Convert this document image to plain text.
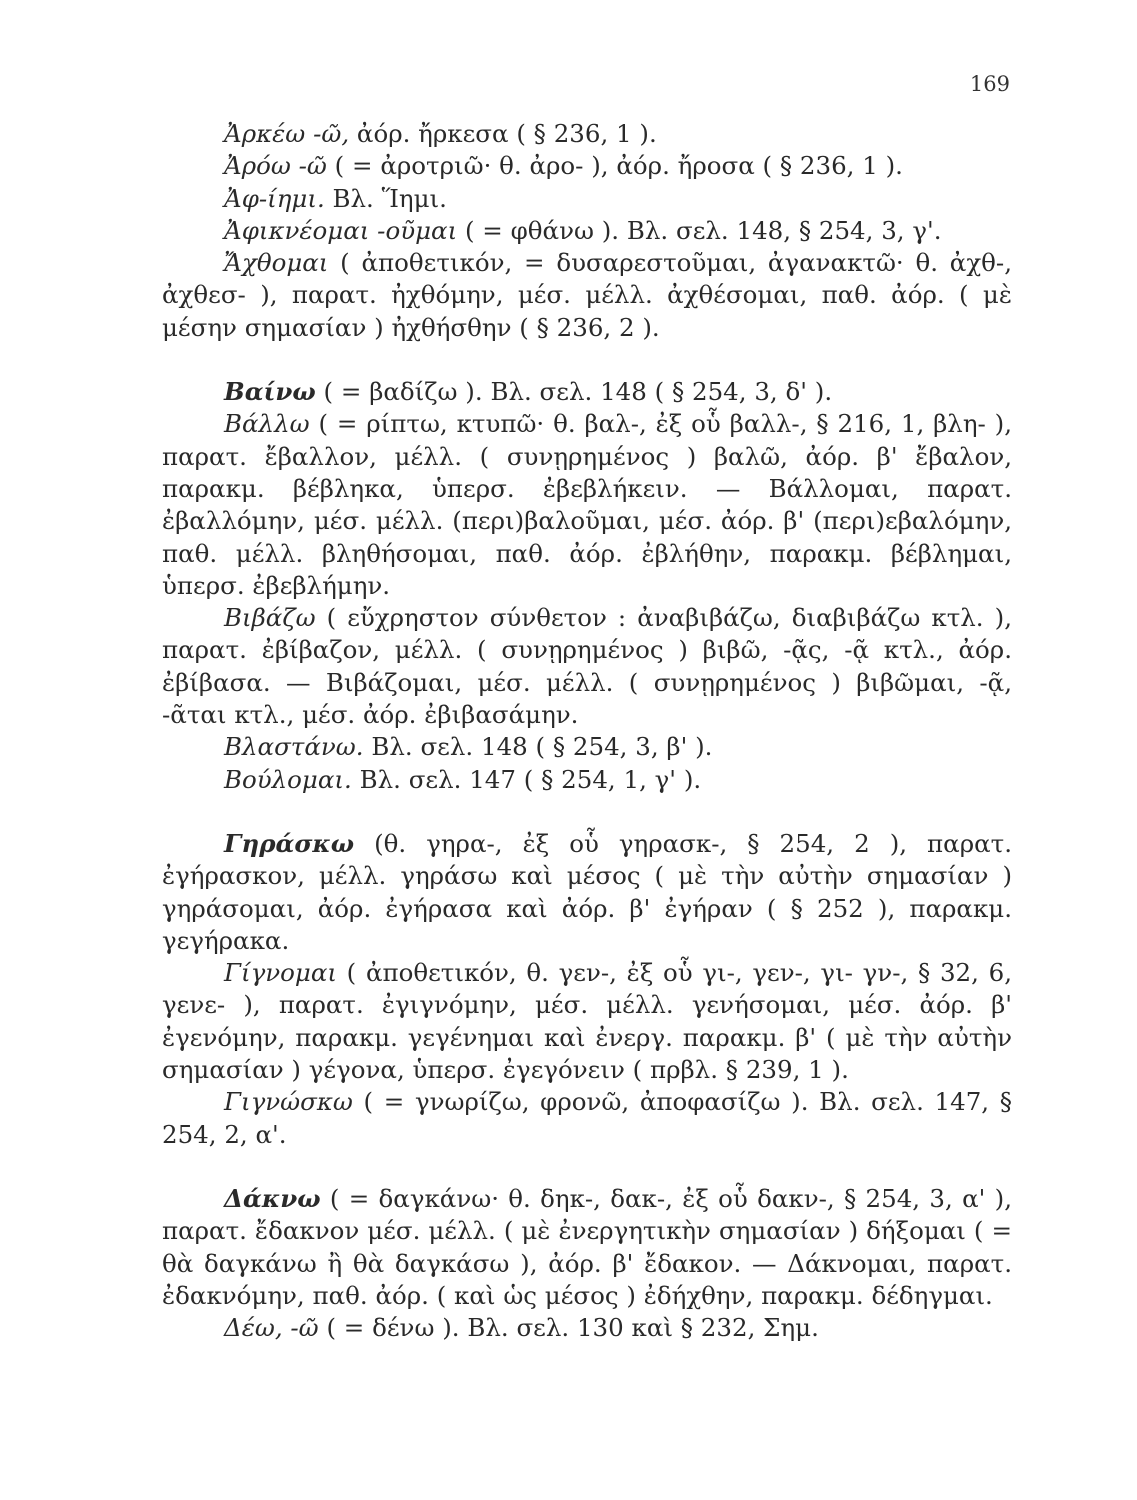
169

Ἀρκέω -ῶ, ἀόρ. ἤρκεσα ( § 236, 1 ).

Ἀρόω -ῶ ( = ἀροτριῶ· θ. ἀρο- ), ἀόρ. ἤροσα ( § 236, 1 ).

Ἀφ-ίημι. Βλ. Ἵημι.

Ἀφικνέομαι -οῦμαι ( = φθάνω ). Βλ. σελ. 148, § 254, 3, γ'.

Ἄχθομαι ( ἀποθετικόν, = δυσαρεστοῦμαι, ἀγανακτῶ· θ. ἀχθ-, ἀχθεσ- ), παρατ. ἠχθόμην, μέσ. μέλλ. ἀχθέσομαι, παθ. ἀόρ. ( μὲ μέσην σημασίαν ) ἠχθήσθην ( § 236, 2 ).

Βαίνω ( = βαδίζω ). Βλ. σελ. 148 ( § 254, 3, δ' ).

Βάλλω ( = ρίπτω, κτυπῶ· θ. βαλ-, ἐξ οὗ βαλλ-, § 216, 1, βλη- ), παρατ. ἔβαλλον, μέλλ. ( συνῃρημένος ) βαλῶ, ἀόρ. β' ἔβαλον, παρακμ. βέβληκα, ὑπερσ. ἐβεβλήκειν. — Βάλλομαι, παρατ. ἐβαλλόμην, μέσ. μέλλ. (περι)βαλοῦμαι, μέσ. ἀόρ. β' (περι)εβαλόμην, παθ. μέλλ. βληθήσομαι, παθ. ἀόρ. ἐβλήθην, παρακμ. βέβλημαι, ὑπερσ. ἐβεβλήμην.

Βιβάζω ( εὔχρηστον σύνθετον : ἀναβιβάζω, διαβιβάζω κτλ. ), παρατ. ἐβίβαζον, μέλλ. ( συνῃρημένος ) βιβῶ, -ᾷς, -ᾷ κτλ., ἀόρ. ἐβίβασα. — Βιβάζομαι, μέσ. μέλλ. ( συνῃρημένος ) βιβῶμαι, -ᾷ, -ᾶται κτλ., μέσ. ἀόρ. ἐβιβασάμην.

Βλαστάνω. Βλ. σελ. 148 ( § 254, 3, β' ).

Βούλομαι. Βλ. σελ. 147 ( § 254, 1, γ' ).

Γηράσκω (θ. γηρα-, ἐξ οὗ γηρασκ-, § 254, 2 ), παρατ. ἐγήρασκον, μέλλ. γηράσω καὶ μέσος ( μὲ τὴν αὐτὴν σημασίαν ) γηράσομαι, ἀόρ. ἐγήρασα καὶ ἀόρ. β' ἐγήραν ( § 252 ), παρακμ. γεγήρακα.

Γίγνομαι ( ἀποθετικόν, θ. γεν-, ἐξ οὗ γι-, γεν-, γι- γν-, § 32, 6, γενε- ), παρατ. ἐγιγνόμην, μέσ. μέλλ. γενήσομαι, μέσ. ἀόρ. β' ἐγενόμην, παρακμ. γεγένημαι καὶ ἐνεργ. παρακμ. β' ( μὲ τὴν αὐτὴν σημασίαν ) γέγονα, ὑπερσ. ἐγεγόνειν ( πρβλ. § 239, 1 ).

Γιγνώσκω ( = γνωρίζω, φρονῶ, ἀποφασίζω ). Βλ. σελ. 147, § 254, 2, α'.

Δάκνω ( = δαγκάνω· θ. δηκ-, δακ-, ἐξ οὗ δακν-, § 254, 3, α' ), παρατ. ἔδακνον μέσ. μέλλ. ( μὲ ἐνεργητικὴν σημασίαν ) δήξομαι ( = θὰ δαγκάνω ἢ θὰ δαγκάσω ), ἀόρ. β' ἔδακον. — Δάκνομαι, παρατ. ἐδακνόμην, παθ. ἀόρ. ( καὶ ὡς μέσος ) ἐδήχθην, παρακμ. δέδηγμαι.

Δέω, -ῶ ( = δένω ). Βλ. σελ. 130 καὶ § 232, Σημ.
